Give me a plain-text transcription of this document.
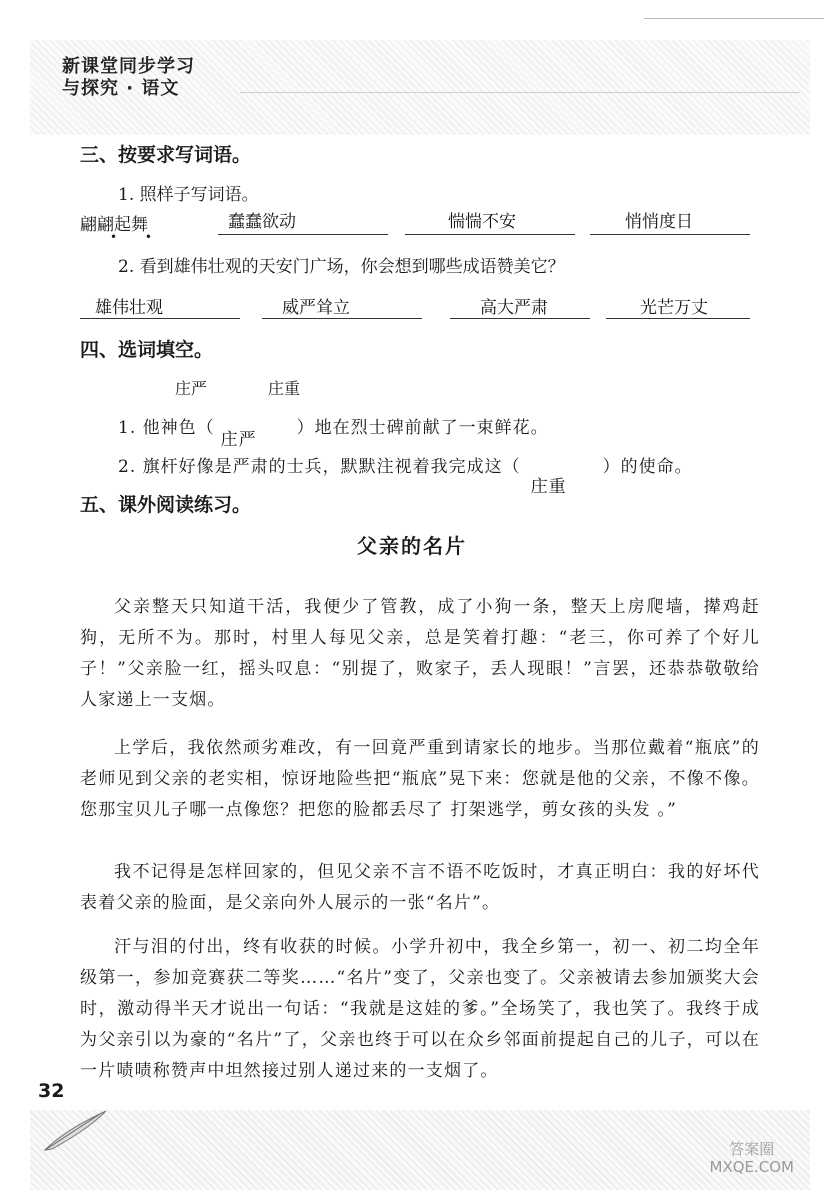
新课堂同步学习
与探究 · 语文
三、按要求写词语。
1. 照样子写词语。
翩翩起舞
• •
蠢蠢欲动	惴惴不安	悄悄度日
2. 看到雄伟壮观的天安门广场，你会想到哪些成语赞美它？
雄伟壮观	威严耸立	高大严肃	光芒万丈
四、选词填空。
庄严	庄重
1. 他神色（
庄严
）地在烈士碑前献了一束鲜花。
2. 旗杆好像是严肃的士兵，默默注视着我完成这（
庄重
）的使命。
五、课外阅读练习。
父亲的名片
父亲整天只知道干活，我便少了管教，成了小狗一条，整天上房爬墙，撵鸡赶狗，无所不为。那时，村里人每见父亲，总是笑着打趣：“老三，你可养了个好儿子！”父亲脸一红，摇头叹息：“别提了，败家子，丢人现眼！”言罢，还恭恭敬敬给人家递上一支烟。
上学后，我依然顽劣难改，有一回竟严重到请家长的地步。当那位戴着“瓶底”的老师见到父亲的老实相，惊讶地险些把“瓶底”晃下来：您就是他的父亲，不像不像。您那宝贝儿子哪一点像您？把您的脸都丢尽了 打架逃学，剪女孩的头发 。”
我不记得是怎样回家的，但见父亲不言不语不吃饭时，才真正明白：我的好坏代表着父亲的脸面，是父亲向外人展示的一张“名片”。
汗与泪的付出，终有收获的时候。小学升初中，我全乡第一，初一、初二均全年级第一，参加竞赛获二等奖……“名片”变了，父亲也变了。父亲被请去参加颁奖大会时，激动得半天才说出一句话：“我就是这娃的爹。”全场笑了，我也笑了。我终于成为父亲引以为豪的“名片”了，父亲也终于可以在众乡邻面前提起自己的儿子，可以在一片啧啧称赞声中坦然接过别人递过来的一支烟了。
32
答案圈
MXQE.COM
